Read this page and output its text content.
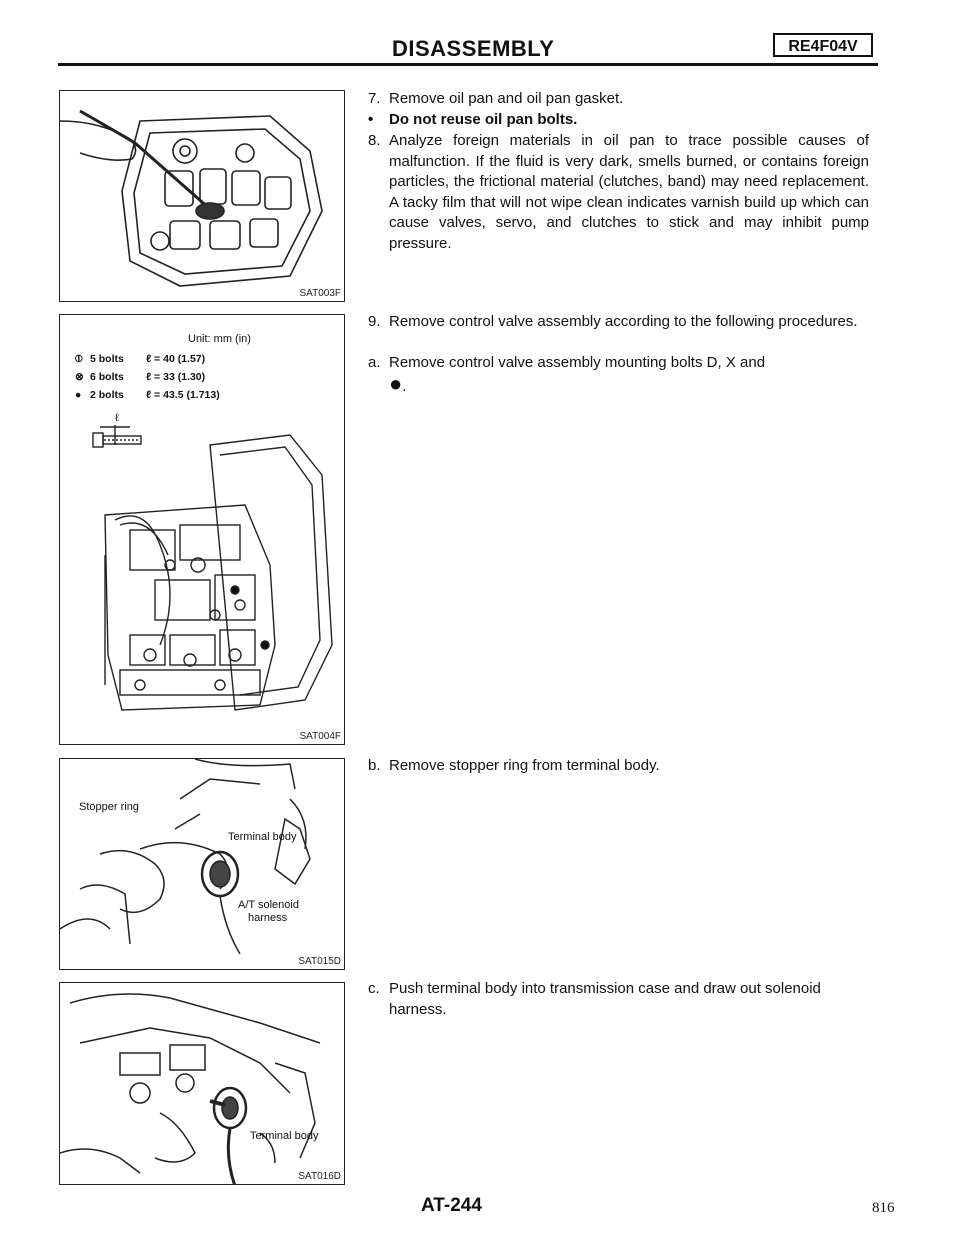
DISASSEMBLY	RE4F04V
SAT003F
Unit: mm (in)
⦶ 5 bolts ℓ = 40 (1.57)
⊗ 6 bolts ℓ = 33 (1.30)
● 2 bolts ℓ = 43.5 (1.713)
ℓ
SAT004F
Stopper ring
Terminal body
A/T solenoid
harness
SAT015D
Terminal body
SAT016D
7. Remove oil pan and oil pan gasket.
• Do not reuse oil pan bolts.
8. Analyze foreign materials in oil pan to trace possible causes of malfunction. If the fluid is very dark, smells burned, or contains foreign particles, the frictional material (clutches, band) may need replacement. A tacky film that will not wipe clean indicates varnish build up which can cause valves, servo, and clutches to stick and may inhibit pump pressure.
9. Remove control valve assembly according to the following procedures.
a. Remove control valve assembly mounting bolts D, X and
●.
b. Remove stopper ring from terminal body.
c. Push terminal body into transmission case and draw out solenoid harness.
AT-244	816
